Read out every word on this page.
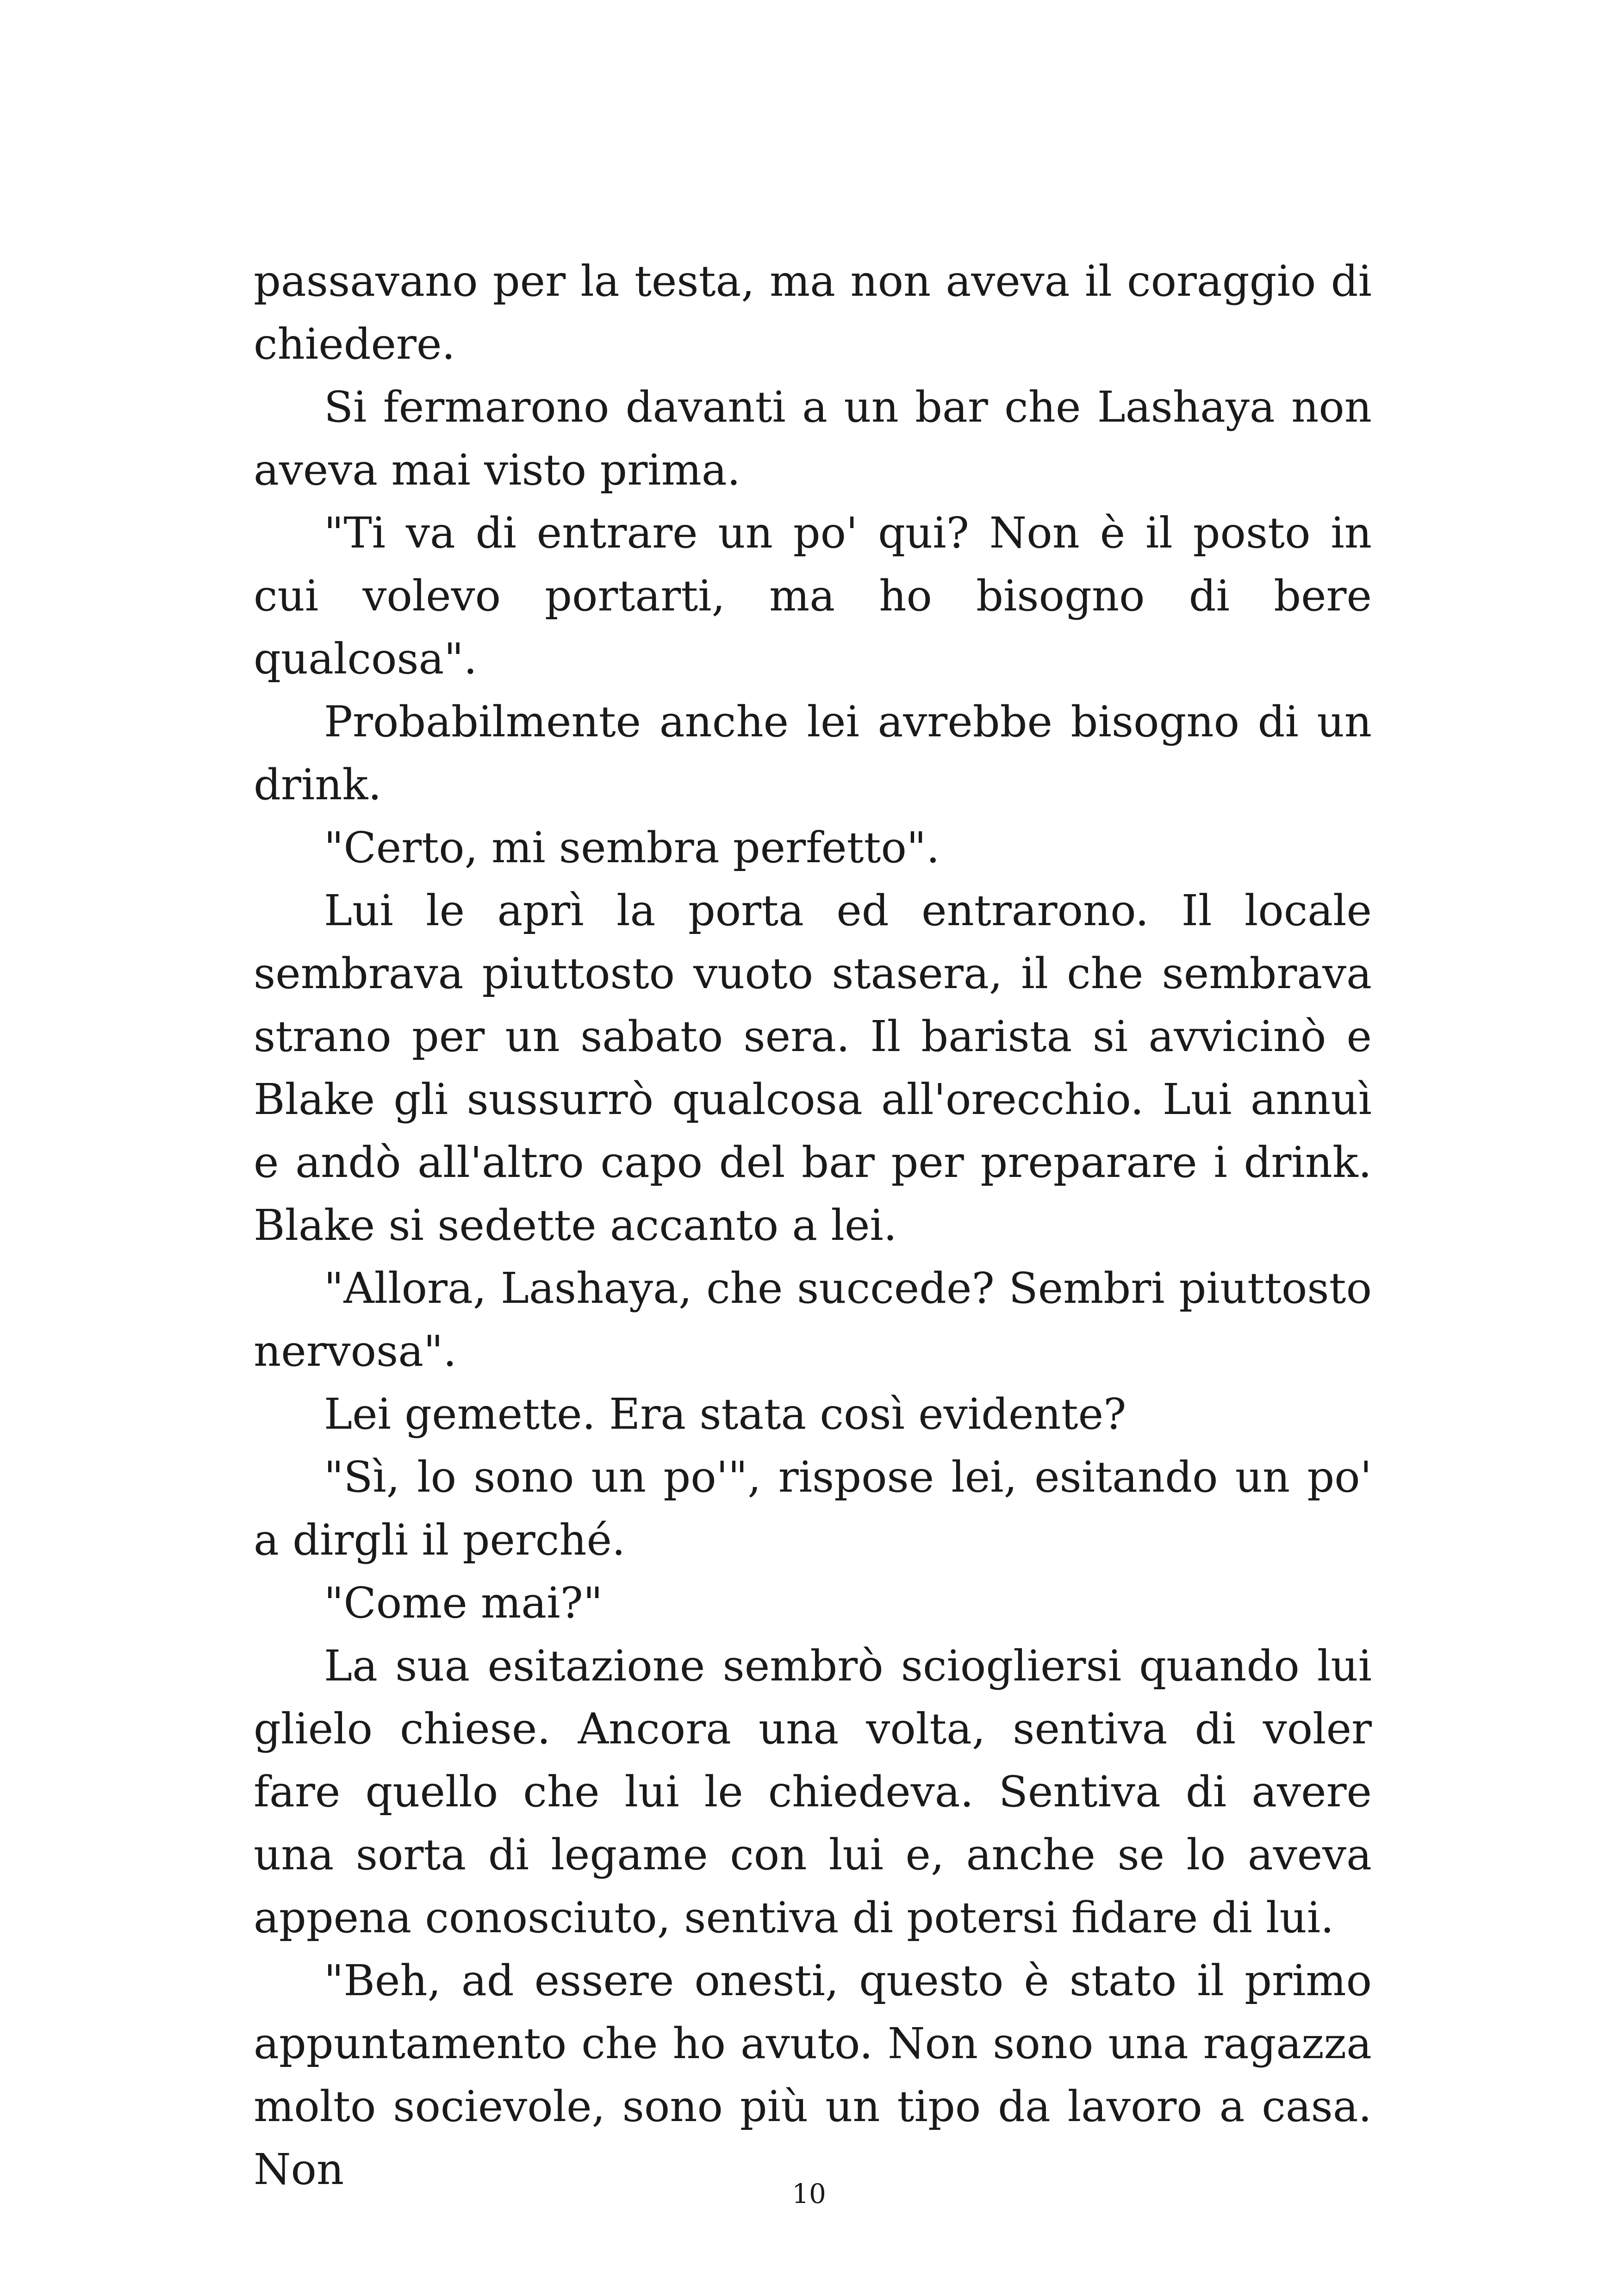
passavano per la testa, ma non aveva il coraggio di chiedere.

Si fermarono davanti a un bar che Lashaya non aveva mai visto prima.

"Ti va di entrare un po' qui? Non è il posto in cui volevo portarti, ma ho bisogno di bere qualcosa".

Probabilmente anche lei avrebbe bisogno di un drink.

"Certo, mi sembra perfetto".

Lui le aprì la porta ed entrarono. Il locale sembrava piuttosto vuoto stasera, il che sembrava strano per un sabato sera. Il barista si avvicinò e Blake gli sussurrò qualcosa all'orecchio. Lui annuì e andò all'altro capo del bar per preparare i drink. Blake si sedette accanto a lei.

"Allora, Lashaya, che succede? Sembri piuttosto nervosa".

Lei gemette. Era stata così evidente?

"Sì, lo sono un po'", rispose lei, esitando un po' a dirgli il perché.

"Come mai?"

La sua esitazione sembrò sciogliersi quando lui glielo chiese. Ancora una volta, sentiva di voler fare quello che lui le chiedeva. Sentiva di avere una sorta di legame con lui e, anche se lo aveva appena conosciuto, sentiva di potersi fidare di lui.

"Beh, ad essere onesti, questo è stato il primo appuntamento che ho avuto. Non sono una ragazza molto socievole, sono più un tipo da lavoro a casa. Non	10
